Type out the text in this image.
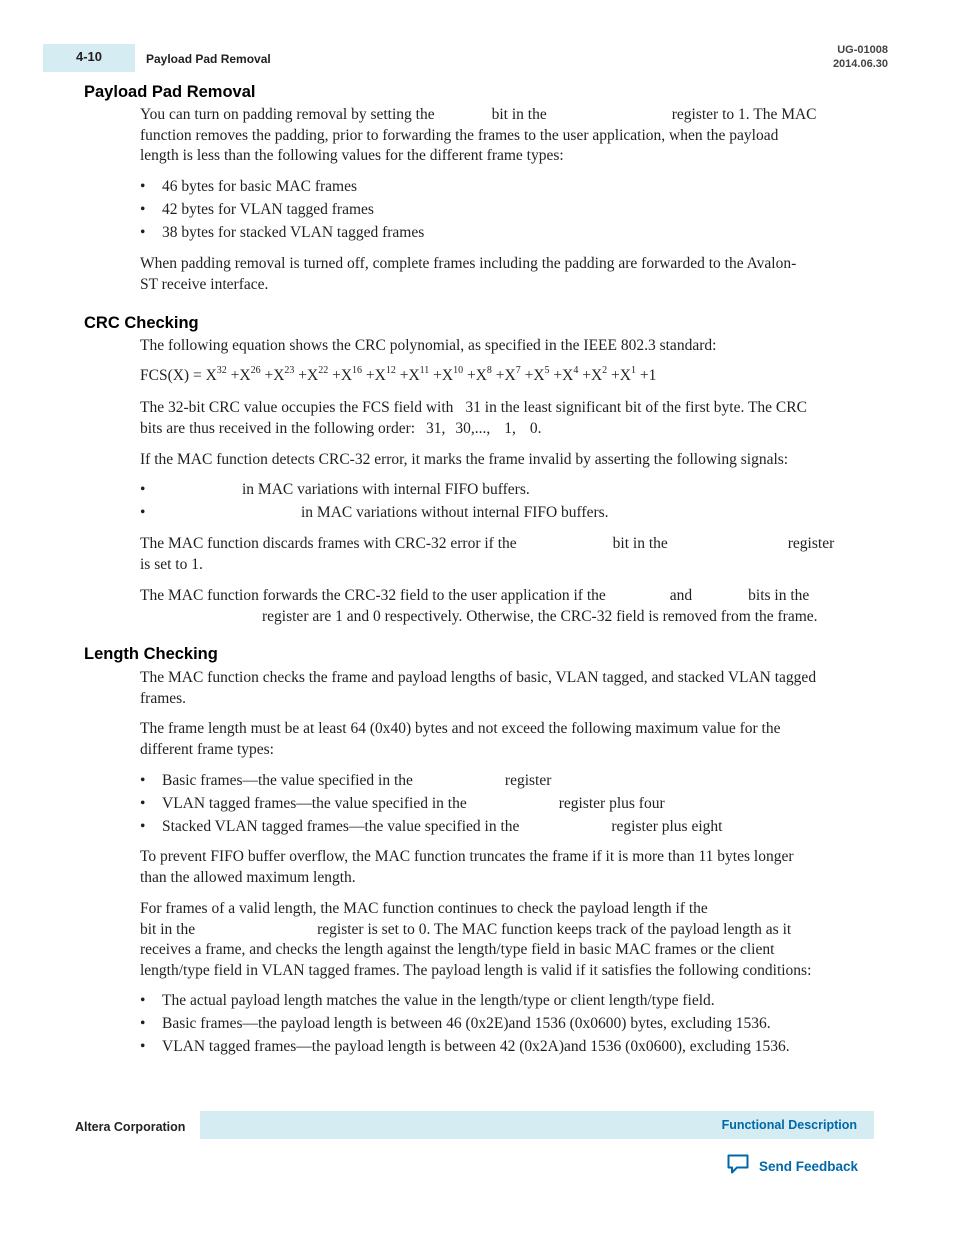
4-10	Payload Pad Removal
UG-01008
2014.06.30
Payload Pad Removal
You can turn on padding removal by setting the	bit in the	register to 1. The MAC
function removes the padding, prior to forwarding the frames to the user application, when the payload
length is less than the following values for the different frame types:
• 46 bytes for basic MAC frames
• 42 bytes for VLAN tagged frames
• 38 bytes for stacked VLAN tagged frames
When padding removal is turned off, complete frames including the padding are forwarded to the Avalon-
ST receive interface.
CRC Checking
The following equation shows the CRC polynomial, as specified in the IEEE 802.3 standard:
$FCS(X) = X^{32} +X^{26} +X^{23} +X^{22} +X^{16} +X^{12} +X^{11} +X^{10} +X^8 +X^7 +X^5 +X^4 +X^2 +X^1 +1$
The 32-bit CRC value occupies the FCS field with 31 in the least significant bit of the first byte. The CRC
bits are thus received in the following order: 31, 30,..., 1, 0.
If the MAC function detects CRC-32 error, it marks the frame invalid by asserting the following signals:
•	in MAC variations with internal FIFO buffers.
•	in MAC variations without internal FIFO buffers.
The MAC function discards frames with CRC-32 error if the	bit in the	register
is set to 1.
The MAC function forwards the CRC-32 field to the user application if the	and	bits in the
register are 1 and 0 respectively. Otherwise, the CRC-32 field is removed from the frame.
Length Checking
The MAC function checks the frame and payload lengths of basic, VLAN tagged, and stacked VLAN tagged
frames.
The frame length must be at least 64 (0x40) bytes and not exceed the following maximum value for the
different frame types:
• Basic frames—the value specified in the	register
• VLAN tagged frames—the value specified in the	register plus four
• Stacked VLAN tagged frames—the value specified in the	register plus eight
To prevent FIFO buffer overflow, the MAC function truncates the frame if it is more than 11 bytes longer
than the allowed maximum length.
For frames of a valid length, the MAC function continues to check the payload length if the
bit in the	register is set to 0. The MAC function keeps track of the payload length as it
receives a frame, and checks the length against the length/type field in basic MAC frames or the client
length/type field in VLAN tagged frames. The payload length is valid if it satisfies the following conditions:
• The actual payload length matches the value in the length/type or client length/type field.
• Basic frames—the payload length is between 46 (0x2E)and 1536 (0x0600) bytes, excluding 1536.
• VLAN tagged frames—the payload length is between 42 (0x2A)and 1536 (0x0600), excluding 1536.
Altera Corporation	Functional Description
Send Feedback
